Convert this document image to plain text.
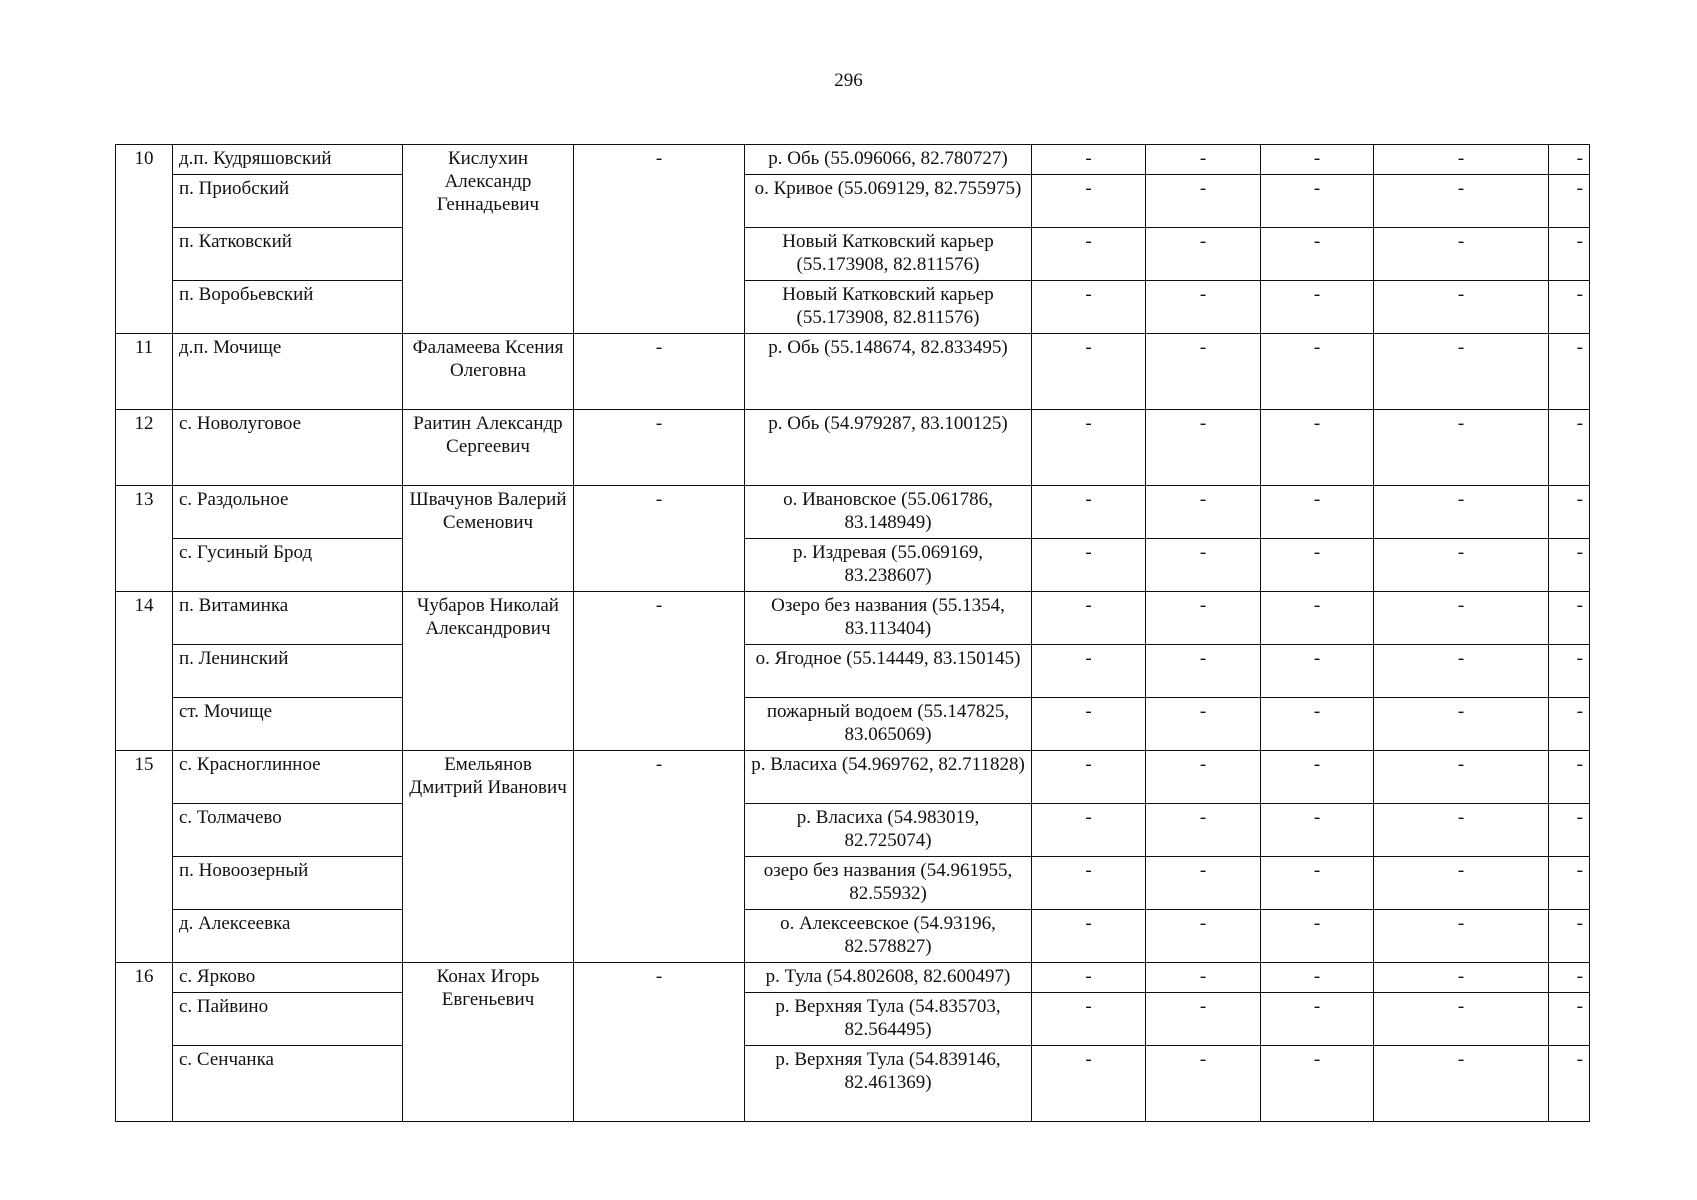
296
10	д.п. Кудряшовский	Кислухин Александр Геннадьевич	-	р. Обь (55.096066, 82.780727)	-	-	-	-	-
	п. Приобский			о. Кривое (55.069129, 82.755975)	-	-	-	-	-
	п. Катковский			Новый Катковский карьер (55.173908, 82.811576)	-	-	-	-	-
	п. Воробьевский			Новый Катковский карьер (55.173908, 82.811576)	-	-	-	-	-
11	д.п. Мочище	Фаламеева Ксения Олеговна	-	р. Обь (55.148674, 82.833495)	-	-	-	-	-
12	с. Новолуговое	Раитин Александр Сергеевич	-	р. Обь (54.979287, 83.100125)	-	-	-	-	-
13	с. Раздольное	Швачунов Валерий Семенович	-	о. Ивановское (55.061786, 83.148949)	-	-	-	-	-
	с. Гусиный Брод			р. Издревая (55.069169, 83.238607)	-	-	-	-	-
14	п. Витаминка	Чубаров Николай Александрович	-	Озеро без названия (55.1354, 83.113404)	-	-	-	-	-
	п. Ленинский			о. Ягодное (55.14449, 83.150145)	-	-	-	-	-
	ст. Мочище			пожарный водоем (55.147825, 83.065069)	-	-	-	-	-
15	с. Красноглинное	Емельянов Дмитрий Иванович	-	р. Власиха (54.969762, 82.711828)	-	-	-	-	-
	с. Толмачево			р. Власиха (54.983019, 82.725074)	-	-	-	-	-
	п. Новоозерный			озеро без названия (54.961955, 82.55932)	-	-	-	-	-
	д. Алексеевка			о. Алексеевское (54.93196, 82.578827)	-	-	-	-	-
16	с. Ярково	Конах Игорь Евгеньевич	-	р. Тула (54.802608, 82.600497)	-	-	-	-	-
	с. Пайвино			р. Верхняя Тула (54.835703, 82.564495)	-	-	-	-	-
	с. Сенчанка			р. Верхняя Тула (54.839146, 82.461369)	-	-	-	-	-
